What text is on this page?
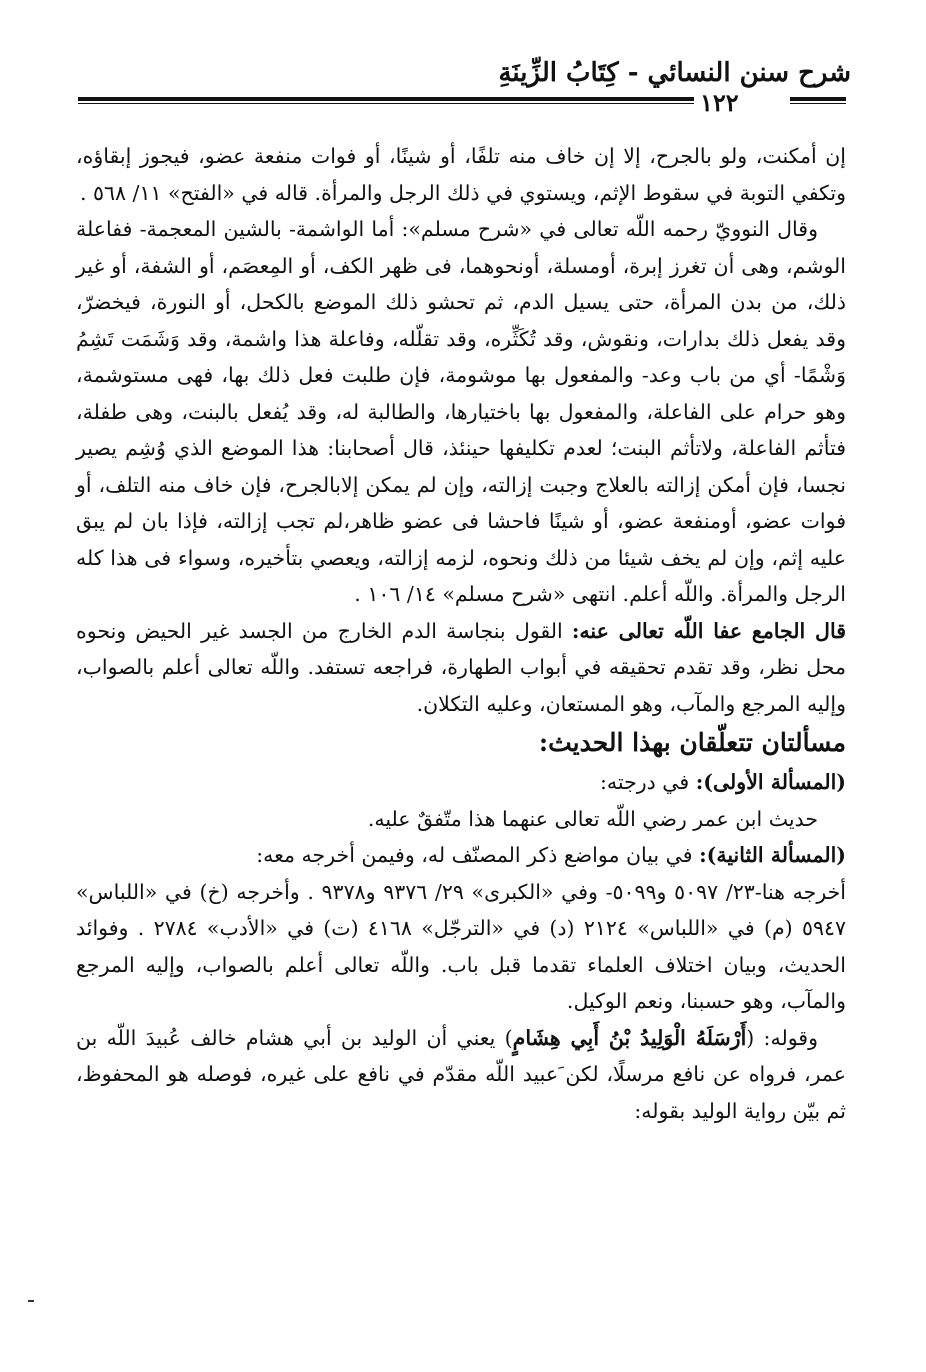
شرح سنن النسائي - كِتَابُ الزِّينَةِ
١٢٢

إن أمكنت، ولو بالجرح، إلا إن خاف منه تلفًا، أو شينًا، أو فوات منفعة عضو، فيجوز إبقاؤه، وتكفي التوبة في سقوط الإثم، ويستوي في ذلك الرجل والمرأة. قاله في «الفتح» ١١/ ٥٦٨ .

وقال النوويّ رحمه اللّه تعالى في «شرح مسلم»: أما الواشمة- بالشين المعجمة- ففاعلة الوشم، وهى أن تغرز إبرة، أومسلة، أونحوهما، فى ظهر الكف، أو المِعصَم، أو الشفة، أو غير ذلك، من بدن المرأة، حتى يسيل الدم، ثم تحشو ذلك الموضع بالكحل، أو النورة، فيخضرّ، وقد يفعل ذلك بدارات، ونقوش، وقد تُكَثِّره، وقد تقلّله، وفاعلة هذا واشمة، وقد وَشَمَت تَشِمُ وَشْمًا- أي من باب وعد- والمفعول بها موشومة، فإن طلبت فعل ذلك بها، فهى مستوشمة، وهو حرام على الفاعلة، والمفعول بها باختيارها، والطالبة له، وقد يُفعل بالبنت، وهى طفلة، فتأثم الفاعلة، ولاتأثم البنت؛ لعدم تكليفها حينئذ، قال أصحابنا: هذا الموضع الذي وُشِم يصير نجسا، فإن أمكن إزالته بالعلاج وجبت إزالته، وإن لم يمكن إلابالجرح، فإن خاف منه التلف، أو فوات عضو، أومنفعة عضو، أو شينًا فاحشا فى عضو ظاهر،لم تجب إزالته، فإذا بان لم يبق عليه إثم، وإن لم يخف شيئا من ذلك ونحوه، لزمه إزالته، ويعصي بتأخيره، وسواء فى هذا كله الرجل والمرأة. واللّه أعلم. انتهى «شرح مسلم» ١٤/ ١٠٦ .

قال الجامع عفا اللّه تعالى عنه: القول بنجاسة الدم الخارج من الجسد غير الحيض ونحوه محل نظر، وقد تقدم تحقيقه في أبواب الطهارة، فراجعه تستفد. واللّه تعالى أعلم بالصواب، وإليه المرجع والمآب، وهو المستعان، وعليه التكلان.

مسألتان تتعلّقان بهذا الحديث:

(المسألة الأولى): في درجته:

حديث ابن عمر رضي اللّه تعالى عنهما هذا متّفقٌ عليه.

(المسألة الثانية): في بيان مواضع ذكر المصنّف له، وفيمن أخرجه معه:

أخرجه هنا-٢٣/ ٥٠٩٧ و٥٠٩٩- وفي «الكبرى» ٢٩/ ٩٣٧٦ و٩٣٧٨ . وأخرجه (خ) في «اللباس» ٥٩٤٧ (م) في «اللباس» ٢١٢٤ (د) في «الترجّل» ٤١٦٨ (ت) في «الأدب» ٢٧٨٤ . وفوائد الحديث، وبيان اختلاف العلماء تقدما قبل باب. واللّه تعالى أعلم بالصواب، وإليه المرجع والمآب، وهو حسبنا، ونعم الوكيل.

وقوله: (أَرْسَلَهُ الْوَلِيدُ بْنُ أَبِي هِشَامٍ) يعني أن الوليد بن أبي هشام خالف عُبيدَ اللّه بن عمر، فرواه عن نافع مرسلًا، لكن َعبيد اللّه مقدّم في نافع على غيره، فوصله هو المحفوظ، ثم بيّن رواية الوليد بقوله:
